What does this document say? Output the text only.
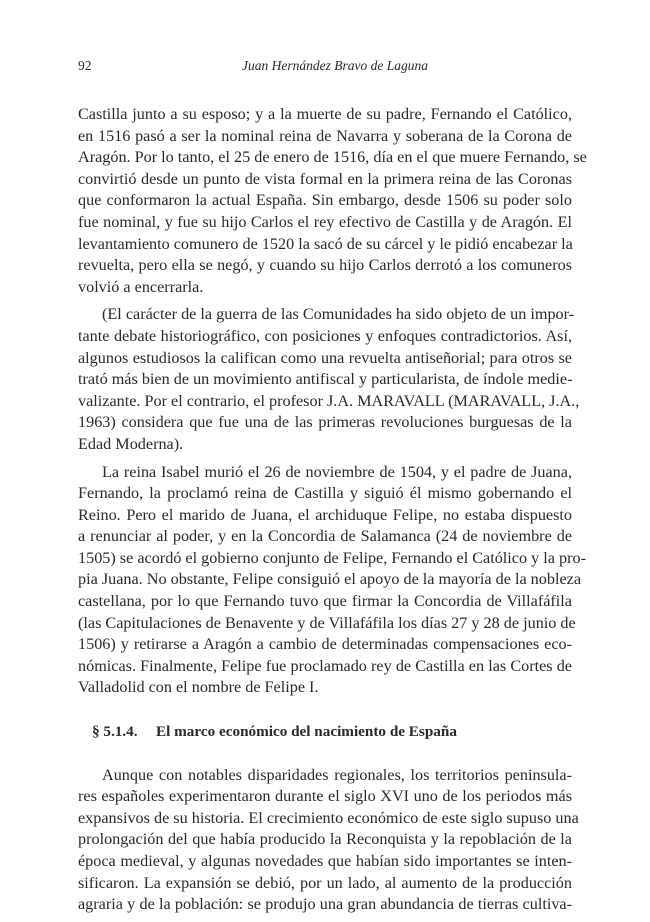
92	Juan Hernández Bravo de Laguna

Castilla junto a su esposo; y a la muerte de su padre, Fernando el Católico,
en 1516 pasó a ser la nominal reina de Navarra y soberana de la Corona de
Aragón. Por lo tanto, el 25 de enero de 1516, día en el que muere Fernando, se
convirtió desde un punto de vista formal en la primera reina de las Coronas
que conformaron la actual España. Sin embargo, desde 1506 su poder solo
fue nominal, y fue su hijo Carlos el rey efectivo de Castilla y de Aragón. El
levantamiento comunero de 1520 la sacó de su cárcel y le pidió encabezar la
revuelta, pero ella se negó, y cuando su hijo Carlos derrotó a los comuneros
volvió a encerrarla.

(El carácter de la guerra de las Comunidades ha sido objeto de un impor-
tante debate historiográfico, con posiciones y enfoques contradictorios. Así,
algunos estudiosos la califican como una revuelta antiseñorial; para otros se
trató más bien de un movimiento antifiscal y particularista, de índole medie-
valizante. Por el contrario, el profesor J.A. MARAVALL (MARAVALL, J.A.,
1963) considera que fue una de las primeras revoluciones burguesas de la
Edad Moderna).

La reina Isabel murió el 26 de noviembre de 1504, y el padre de Juana,
Fernando, la proclamó reina de Castilla y siguió él mismo gobernando el
Reino. Pero el marido de Juana, el archiduque Felipe, no estaba dispuesto
a renunciar al poder, y en la Concordia de Salamanca (24 de noviembre de
1505) se acordó el gobierno conjunto de Felipe, Fernando el Católico y la pro-
pia Juana. No obstante, Felipe consiguió el apoyo de la mayoría de la nobleza
castellana, por lo que Fernando tuvo que firmar la Concordia de Villafáfila
(las Capitulaciones de Benavente y de Villafáfila los días 27 y 28 de junio de
1506) y retirarse a Aragón a cambio de determinadas compensaciones eco-
nómicas. Finalmente, Felipe fue proclamado rey de Castilla en las Cortes de
Valladolid con el nombre de Felipe I.

§ 5.1.4. El marco económico del nacimiento de España

Aunque con notables disparidades regionales, los territorios peninsula-
res españoles experimentaron durante el siglo XVI uno de los periodos más
expansivos de su historia. El crecimiento económico de este siglo supuso una
prolongación del que había producido la Reconquista y la repoblación de la
época medieval, y algunas novedades que habían sido importantes se inten-
sificaron. La expansión se debió, por un lado, al aumento de la producción
agraria y de la población: se produjo una gran abundancia de tierras cultiva-
